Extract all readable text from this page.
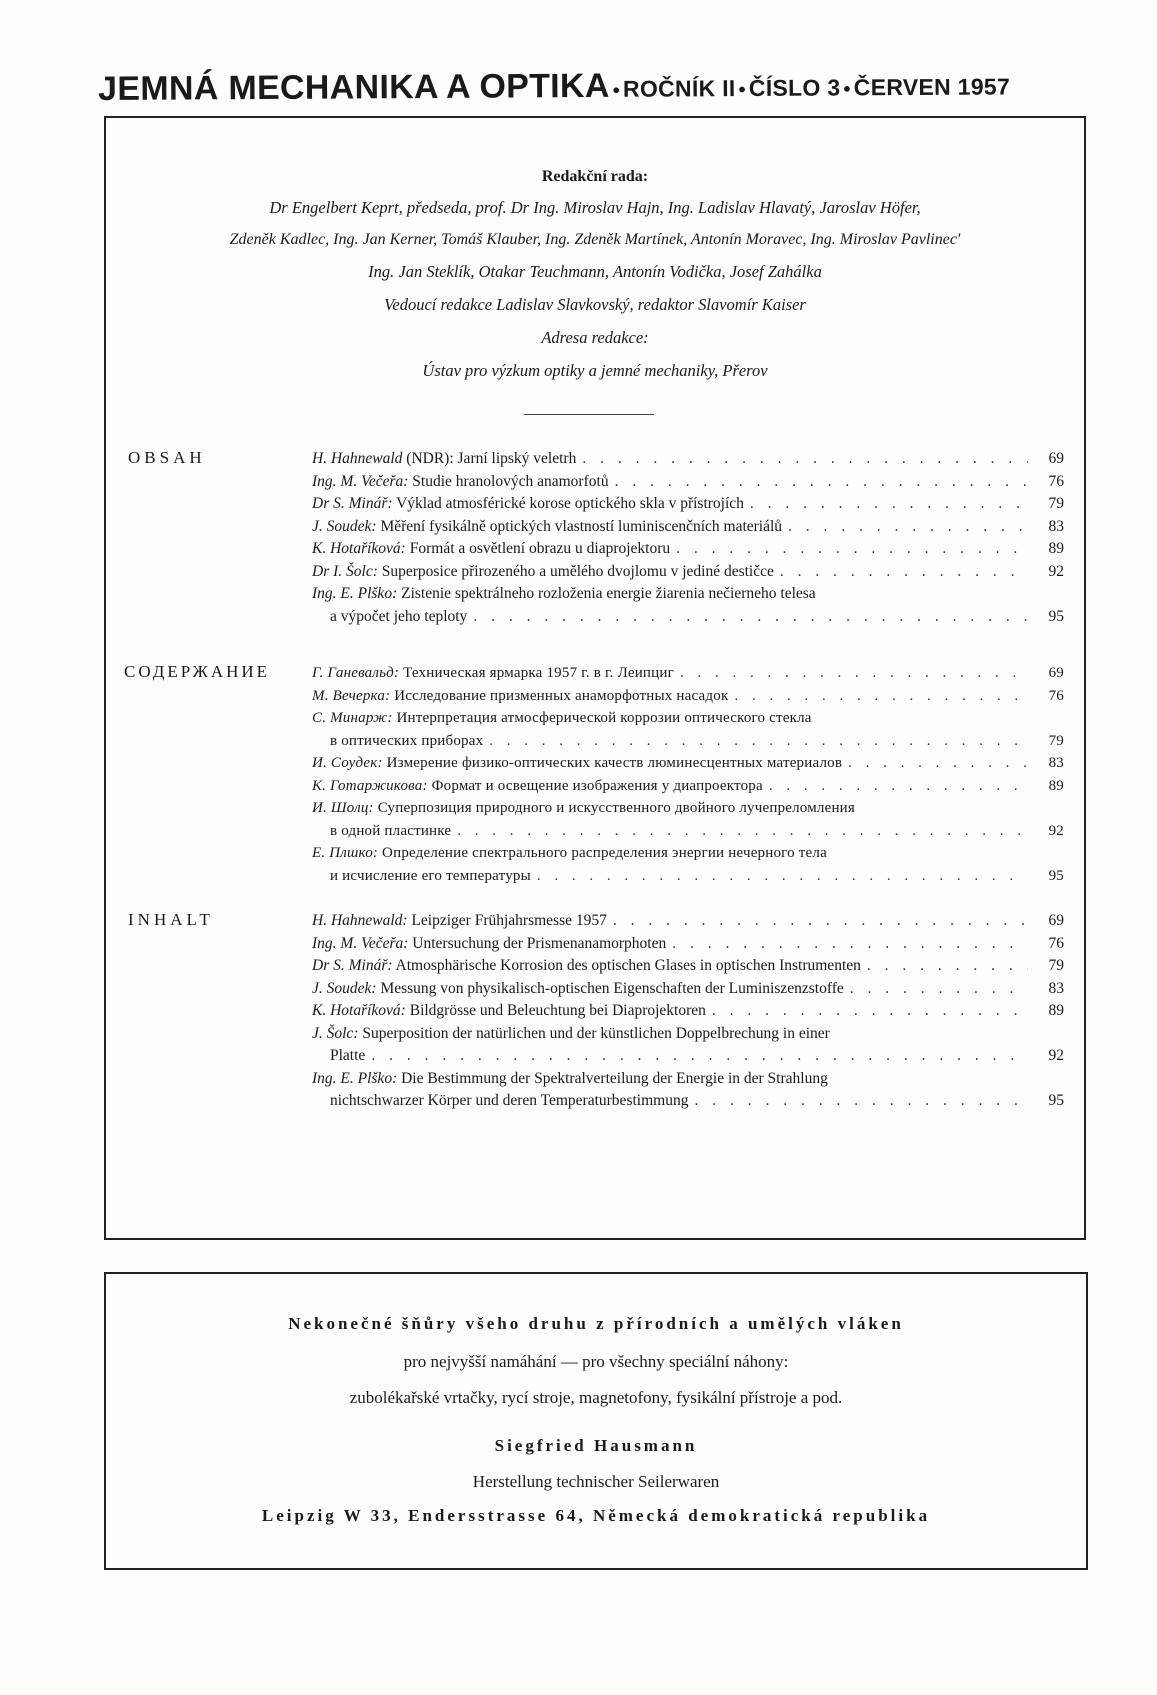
JEMNÁ MECHANIKA A OPTIKA • ROČNÍK II • ČÍSLO 3 • ČERVEN 1957
Redakční rada:
Dr Engelbert Keprt, předseda, prof. Dr Ing. Miroslav Hajn, Ing. Ladislav Hlavatý, Jaroslav Höfer,
Zdeněk Kadlec, Ing. Jan Kerner, Tomáš Klauber, Ing. Zdeněk Martínek, Antonín Moravec, Ing. Miroslav Pavlinec'
Ing. Jan Steklík, Otakar Teuchmann, Antonín Vodička, Josef Zahálka
Vedoucí redakce Ladislav Slavkovský, redaktor Slavomír Kaiser
Adresa redakce:
Ústav pro výzkum optiky a jemné mechaniky, Přerov
OBSAH	H. Hahnewald (NDR): Jarní lipský veletrh . . .	69
Ing. M. Večeřa: Studie hranolových anamorfotů . . .	76
Dr S. Minář: Výklad atmosférické korose optického skla v přístrojích . . .	79
J. Soudek: Měření fysikálně optických vlastností luminiscenčních materiálů . . .	83
K. Hotaříková: Formát a osvětlení obrazu u diaprojektoru . . .	89
Dr I. Šolc: Superposice přirozeného a umělého dvojlomu v jediné destičce . . .	92
Ing. E. Plško: Zistenie spektrálneho rozloženia energie žiarenia nečierneho telesa
a výpočet jeho teploty . . .	95
СОДЕРЖАНИЕ	Г. Ганевальд: Техническая ярмарка 1957 г. в г. Леипциг . . .	69
М. Вечерка: Исследование призменных анаморфотных насадок . . .	76
С. Минарж: Интерпретация атмосферической коррозии оптического стекла
в оптических приборах . . .	79
И. Соудек: Измерение физико-оптических качеств люминесцентных материалов . . .	83
К. Готаржикова: Формат и освещение изображения у диапроектора . . .	89
И. Шолц: Суперпозиция природного и искусственного двойного лучепреломления
в одной пластинке . . .	92
Е. Плшко: Определение спектрального распределения энергии нечерного тела
и исчисление его температуры . . .	95
INHALT	H. Hahnewald: Leipziger Frühjahrsmesse 1957 . . .	69
Ing. M. Večeřa: Untersuchung der Prismenanamorphoten . . .	76
Dr S. Minář: Atmosphärische Korrosion des optischen Glases in optischen Instrumenten . . .	79
J. Soudek: Messung von physikalisch-optischen Eigenschaften der Luminiszenzstoffe . . .	83
K. Hotaříková: Bildgrösse und Beleuchtung bei Diaprojektoren . . .	89
J. Šolc: Superposition der natürlichen und der künstlichen Doppelbrechung in einer
Platte . . .	92
Ing. E. Plško: Die Bestimmung der Spektralverteilung der Energie in der Strahlung
nichtschwarzer Körper und deren Temperaturbestimmung . . .	95
Nekonečné šňůry všeho druhu z přírodních a umělých vláken
pro nejvyšší namáhání — pro všechny speciální náhony:
zubolékařské vrtačky, rycí stroje, magnetofony, fysikální přístroje a pod.
Siegfried Hausmann
Herstellung technischer Seilerwaren
Leipzig W 33, Endersstrasse 64, Německá demokratická republika
